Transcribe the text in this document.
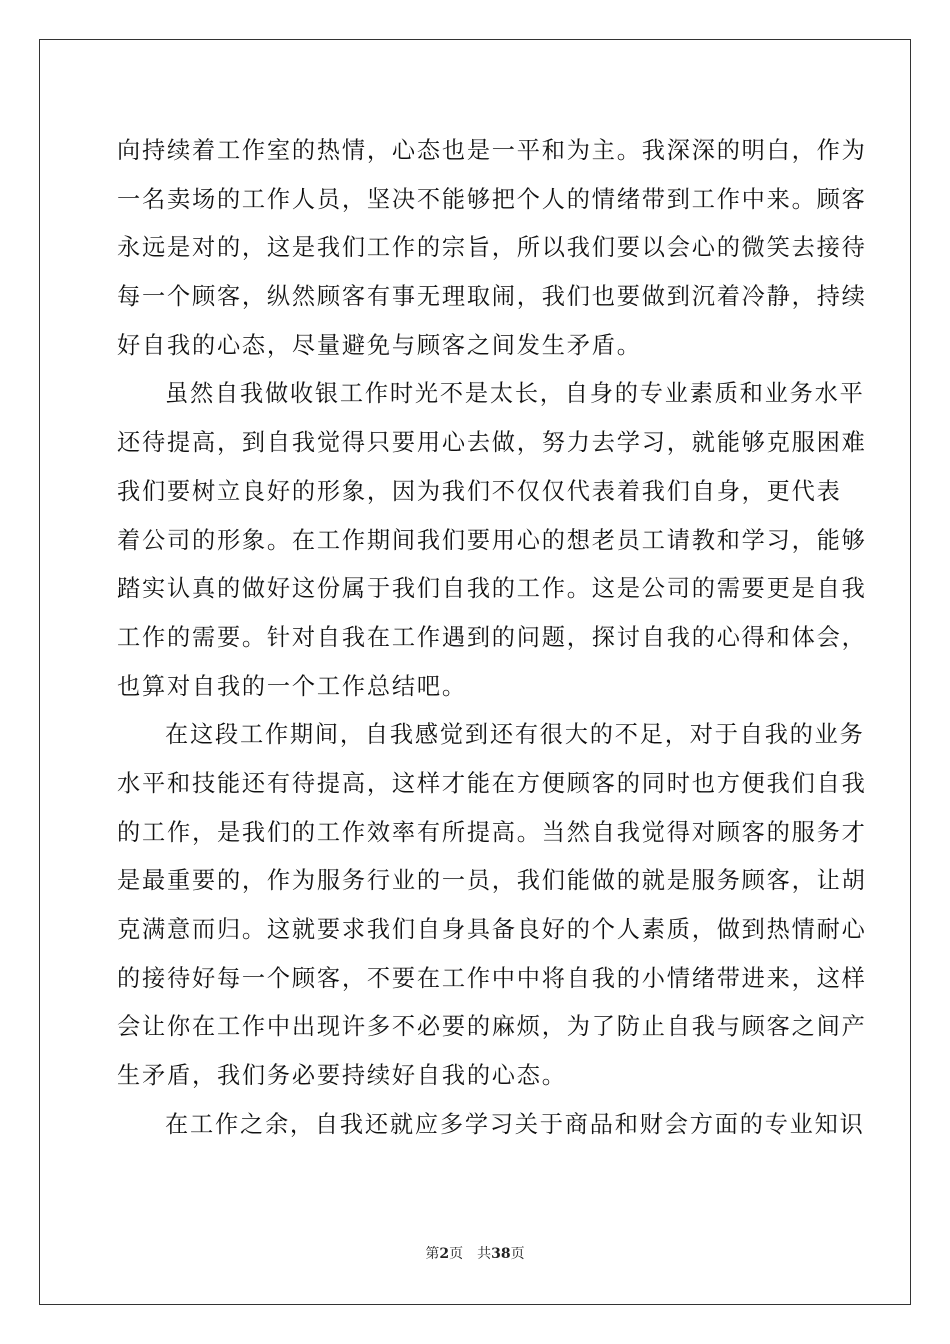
向持续着工作室的热情，心态也是一平和为主。我深深的明白，作为
一名卖场的工作人员，坚决不能够把个人的情绪带到工作中来。顾客
永远是对的，这是我们工作的宗旨，所以我们要以会心的微笑去接待
每一个顾客，纵然顾客有事无理取闹，我们也要做到沉着冷静，持续
好自我的心态，尽量避免与顾客之间发生矛盾。
虽然自我做收银工作时光不是太长，自身的专业素质和业务水平
还待提高，到自我觉得只要用心去做，努力去学习，就能够克服困难
我们要树立良好的形象，因为我们不仅仅代表着我们自身，更代表
着公司的形象。在工作期间我们要用心的想老员工请教和学习，能够
踏实认真的做好这份属于我们自我的工作。这是公司的需要更是自我
工作的需要。针对自我在工作遇到的问题，探讨自我的心得和体会，
也算对自我的一个工作总结吧。
在这段工作期间，自我感觉到还有很大的不足，对于自我的业务
水平和技能还有待提高，这样才能在方便顾客的同时也方便我们自我
的工作，是我们的工作效率有所提高。当然自我觉得对顾客的服务才
是最重要的，作为服务行业的一员，我们能做的就是服务顾客，让胡
克满意而归。这就要求我们自身具备良好的个人素质，做到热情耐心
的接待好每一个顾客，不要在工作中中将自我的小情绪带进来，这样
会让你在工作中出现许多不必要的麻烦，为了防止自我与顾客之间产
生矛盾，我们务必要持续好自我的心态。
在工作之余，自我还就应多学习关于商品和财会方面的专业知识
第2页 共38页
